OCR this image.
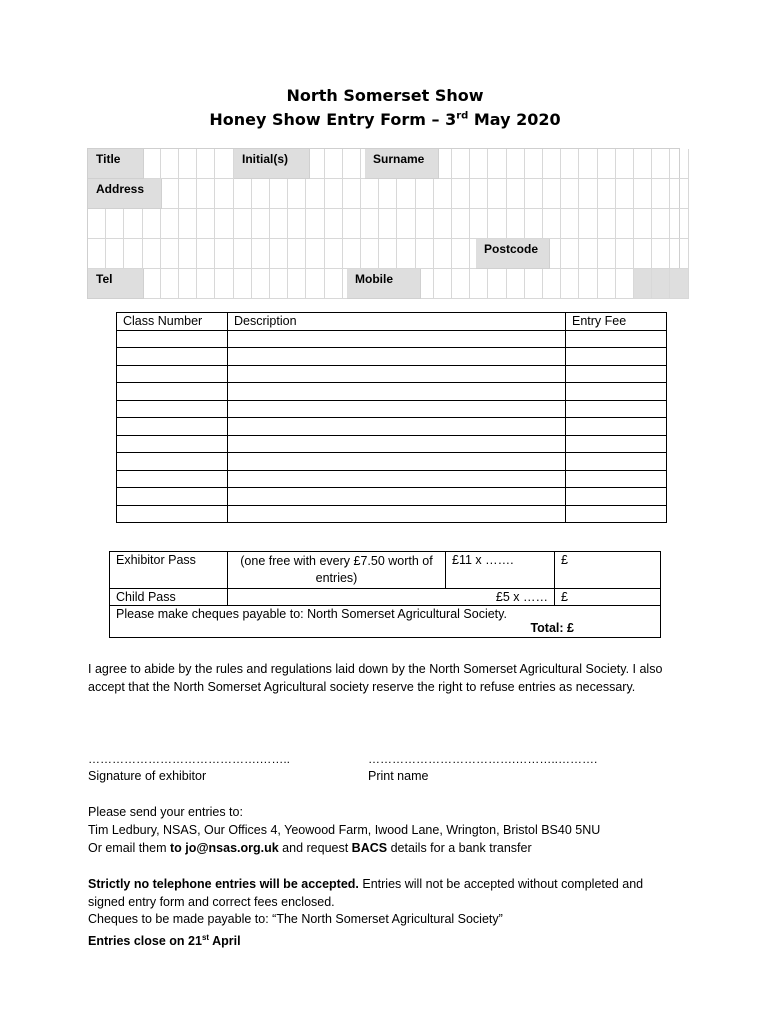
North Somerset Show
Honey Show Entry Form – 3rd May 2020
Title	Initial(s)	Surname
Address
Postcode
Tel	Mobile
Class Number	Description	Entry Fee

Exhibitor Pass	(one free with every £7.50 worth of entries)	£11 x …….	£
Child Pass	£5 x ……		£

Please make cheques payable to: North Somerset Agricultural Society.
Total: £			
I agree to abide by the rules and regulations laid down by the North Somerset Agricultural Society. I also accept that the North Somerset Agricultural society reserve the right to refuse entries as necessary.
…………………………………….……..
Signature of exhibitor
……………………………….………..……….
Print name
Please send your entries to:
Tim Ledbury, NSAS, Our Offices 4, Yeowood Farm, Iwood Lane, Wrington, Bristol BS40 5NU
Or email them to jo@nsas.org.uk and request BACS details for a bank transfer
Strictly no telephone entries will be accepted. Entries will not be accepted without completed and signed entry form and correct fees enclosed.
Cheques to be made payable to: “The North Somerset Agricultural Society”
Entries close on 21st April
